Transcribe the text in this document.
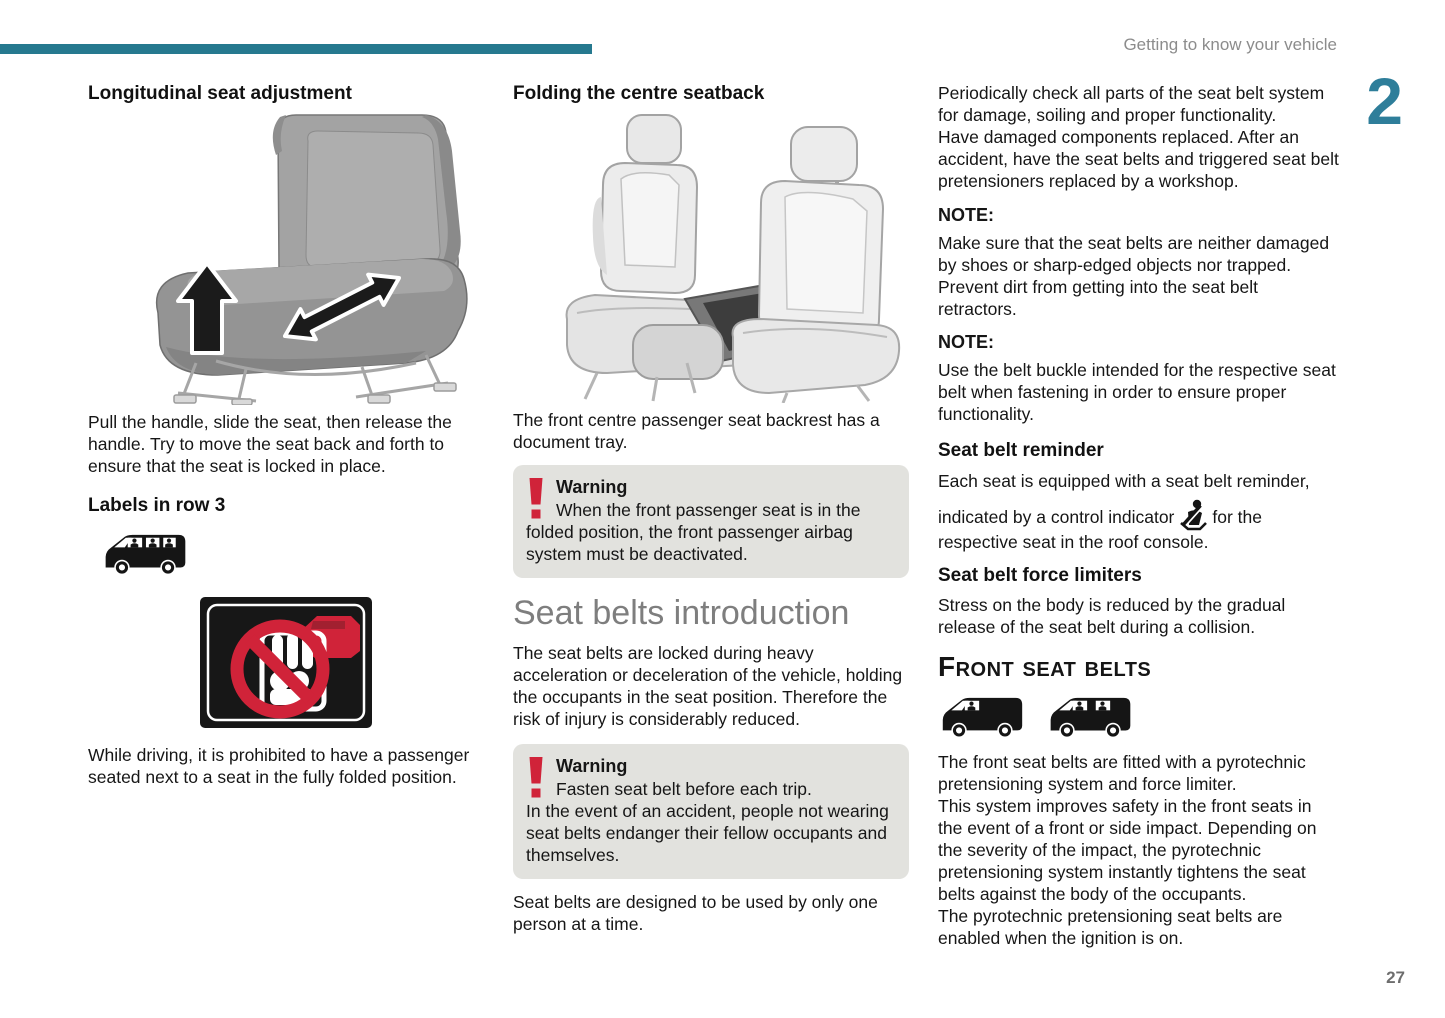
Getting to know your vehicle
2
Longitudinal seat adjustment

Pull the handle, slide the seat, then release the handle. Try to move the seat back and forth to ensure that the seat is locked in place.

Labels in row 3

While driving, it is prohibited to have a passenger seated next to a seat in the fully folded position.

Folding the centre seatback

The front centre passenger seat backrest has a document tray.

Warning
When the front passenger seat is in the folded position, the front passenger airbag system must be deactivated.
Seat belts introduction

The seat belts are locked during heavy acceleration or deceleration of the vehicle, holding the occupants in the seat position. Therefore the risk of injury is considerably reduced.

Warning
Fasten seat belt before each trip.
In the event of an accident, people not wearing seat belts endanger their fellow occupants and themselves.

Seat belts are designed to be used by only one person at a time.

Periodically check all parts of the seat belt system for damage, soiling and proper functionality.
Have damaged components replaced. After an accident, have the seat belts and triggered seat belt pretensioners replaced by a workshop.
NOTE:
Make sure that the seat belts are neither damaged by shoes or sharp-edged objects nor trapped. Prevent dirt from getting into the seat belt retractors.
NOTE:
Use the belt buckle intended for the respective seat belt when fastening in order to ensure proper functionality.
Seat belt reminder
Each seat is equipped with a seat belt reminder,
indicated by a control indicator for the respective seat in the roof console.
Seat belt force limiters
Stress on the body is reduced by the gradual release of the seat belt during a collision.
Front seat belts
The front seat belts are fitted with a pyrotechnic pretensioning system and force limiter.
This system improves safety in the front seats in the event of a front or side impact. Depending on the severity of the impact, the pyrotechnic pretensioning system instantly tightens the seat belts against the body of the occupants.
The pyrotechnic pretensioning seat belts are enabled when the ignition is on.
27
